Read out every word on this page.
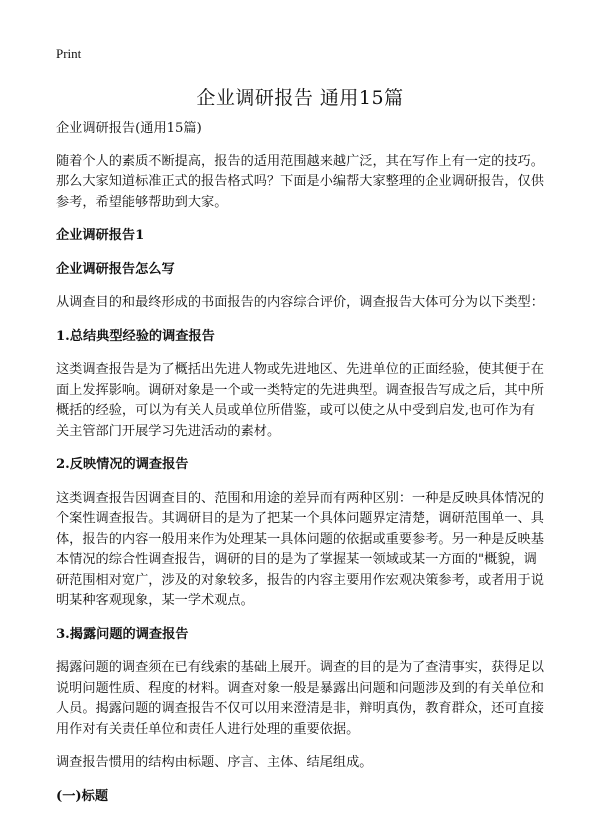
Print
企业调研报告 通用15篇

企业调研报告(通用15篇)

随着个人的素质不断提高，报告的适用范围越来越广泛，其在写作上有一定的技巧。那么大家知道标准正式的报告格式吗？下面是小编帮大家整理的企业调研报告，仅供参考，希望能够帮助到大家。

企业调研报告1

企业调研报告怎么写

从调查目的和最终形成的书面报告的内容综合评价，调查报告大体可分为以下类型：

1.总结典型经验的调查报告

这类调查报告是为了概括出先进人物或先进地区、先进单位的正面经验，使其便于在面上发挥影响。调研对象是一个或一类特定的先进典型。调查报告写成之后，其中所概括的经验，可以为有关人员或单位所借鉴，或可以使之从中受到启发,也可作为有关主管部门开展学习先进活动的素材。

2.反映情况的调查报告

这类调查报告因调查目的、范围和用途的差异而有两种区别：一种是反映具体情况的个案性调查报告。其调研目的是为了把某一个具体问题界定清楚，调研范围单一、具体，报告的内容一般用来作为处理某一具体问题的依据或重要参考。另一种是反映基本情况的综合性调查报告，调研的目的是为了掌握某一领域或某一方面的"概貌，调研范围相对宽广，涉及的对象较多，报告的内容主要用作宏观决策参考，或者用于说明某种客观现象，某一学术观点。

3.揭露问题的调查报告

揭露问题的调查须在已有线索的基础上展开。调查的目的是为了查清事实，获得足以说明问题性质、程度的材料。调查对象一般是暴露出问题和问题涉及到的有关单位和人员。揭露问题的调查报告不仅可以用来澄清是非，辩明真伪，教育群众，还可直接用作对有关责任单位和责任人进行处理的重要依据。

调查报告惯用的结构由标题、序言、主体、结尾组成。

(一)标题
